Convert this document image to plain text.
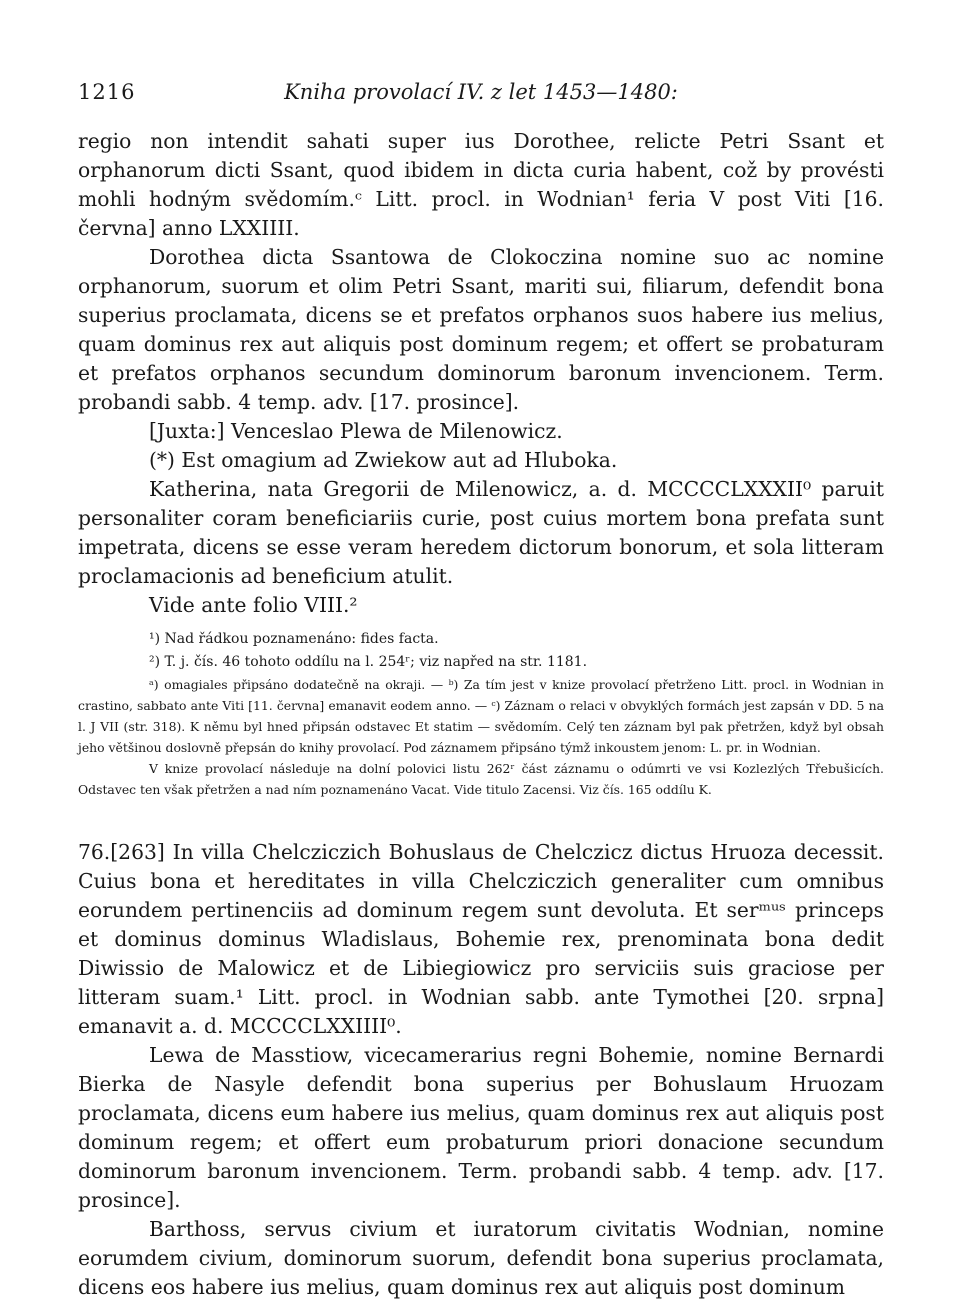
1216	Kniha provolací IV. z let 1453—1480:

regio non intendit sahati super ius Dorothee, relicte Petri Ssant et orphanorum dicti Ssant, quod ibidem in dicta curia habent, což by provésti mohli hodným svědomím.ᶜ Litt. procl. in Wodnian¹ feria V post Viti [16. června] anno LXXIIII.

Dorothea dicta Ssantowa de Clokoczina nomine suo ac nomine orphanorum, suorum et olim Petri Ssant, mariti sui, filiarum, defendit bona superius proclamata, dicens se et prefatos orphanos suos habere ius melius, quam dominus rex aut aliquis post dominum regem; et offert se probaturam et prefatos orphanos secundum dominorum baronum invencionem. Term. probandi sabb. 4 temp. adv. [17. prosince].

[Juxta:] Venceslao Plewa de Milenowicz.

(*) Est omagium ad Zwiekow aut ad Hluboka.

Katherina, nata Gregorii de Milenowicz, a. d. MCCCCLXXXII⁰ paruit personaliter coram beneficiariis curie, post cuius mortem bona prefata sunt impetrata, dicens se esse veram heredem dictorum bonorum, et sola litteram proclamacionis ad beneficium atulit.

Vide ante folio VIII.²

¹) Nad řádkou poznamenáno: fides facta.

²) T. j. čís. 46 tohoto oddílu na l. 254ʳ; viz napřed na str. 1181.

ᵃ) omagiales připsáno dodatečně na okraji. — ᵇ) Za tím jest v knize provolací přetrženo Litt. procl. in Wodnian in crastino, sabbato ante Viti [11. června] emanavit eodem anno. — ᶜ) Záznam o relaci v obvyklých formách jest zapsán v DD. 5 na l. J VII (str. 318). K němu byl hned připsán odstavec Et statim — svědomím. Celý ten záznam byl pak přetržen, když byl obsah jeho většinou doslovně přepsán do knihy provolací. Pod záznamem připsáno týmž inkoustem jenom: L. pr. in Wodnian.

V knize provolací následuje na dolní polovici listu 262ʳ část záznamu o odúmrti ve vsi Kozlezlých Třebušicích. Odstavec ten však přetržen a nad ním poznamenáno Vacat. Vide titulo Zacensi. Viz čís. 165 oddílu K.

76.[263] In villa Chelcziczich Bohuslaus de Chelczicz dictus Hruoza decessit. Cuius bona et hereditates in villa Chelcziczich generaliter cum omnibus eorundem pertinenciis ad dominum regem sunt devoluta. Et serᵐᵘˢ princeps et dominus dominus Wladislaus, Bohemie rex, prenominata bona dedit Diwissio de Malowicz et de Libiegiowicz pro serviciis suis graciose per litteram suam.¹ Litt. procl. in Wodnian sabb. ante Tymothei [20. srpna] emanavit a. d. MCCCCLXXIIII⁰.

Lewa de Masstiow, vicecamerarius regni Bohemie, nomine Bernardi Bierka de Nasyle defendit bona superius per Bohuslaum Hruozam proclamata, dicens eum habere ius melius, quam dominus rex aut aliquis post dominum regem; et offert eum probaturum priori donacione secundum dominorum baronum invencionem. Term. probandi sabb. 4 temp. adv. [17. prosince].

Barthoss, servus civium et iuratorum civitatis Wodnian, nomine eorumdem civium, dominorum suorum, defendit bona superius proclamata, dicens eos habere ius melius, quam dominus rex aut aliquis post dominum
